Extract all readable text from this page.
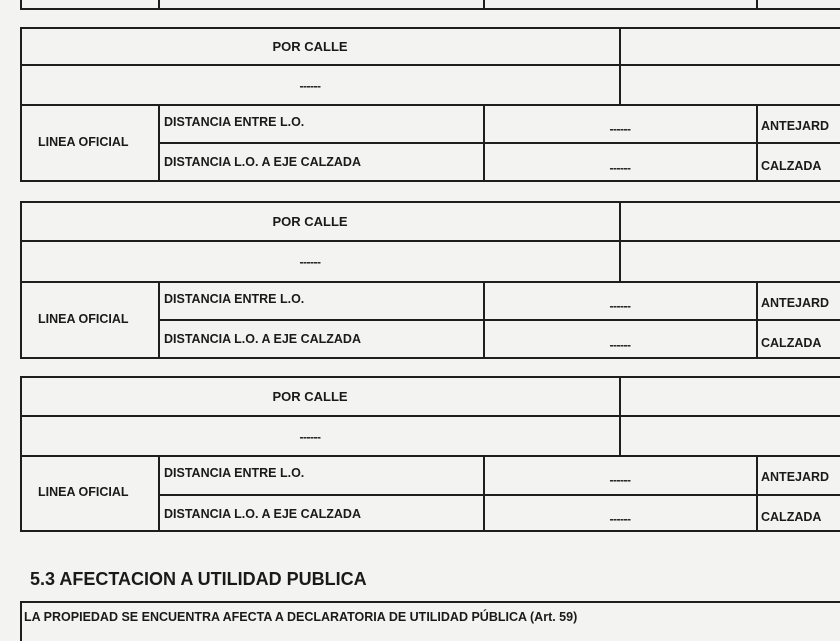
POR CALLE
------
LINEA OFICIAL
DISTANCIA ENTRE L.O.
DISTANCIA L.O. A EJE CALZADA
------
------
ANTEJARD
CALZADA
POR CALLE
------
LINEA OFICIAL
DISTANCIA ENTRE L.O.
DISTANCIA L.O. A EJE CALZADA
------
------
ANTEJARD
CALZADA
POR CALLE
------
LINEA OFICIAL
DISTANCIA ENTRE L.O.
DISTANCIA L.O. A EJE CALZADA
------
------
ANTEJARD
CALZADA
5.3 AFECTACION A UTILIDAD PUBLICA
LA PROPIEDAD SE ENCUENTRA AFECTA A DECLARATORIA DE UTILIDAD PÚBLICA (Art. 59)
